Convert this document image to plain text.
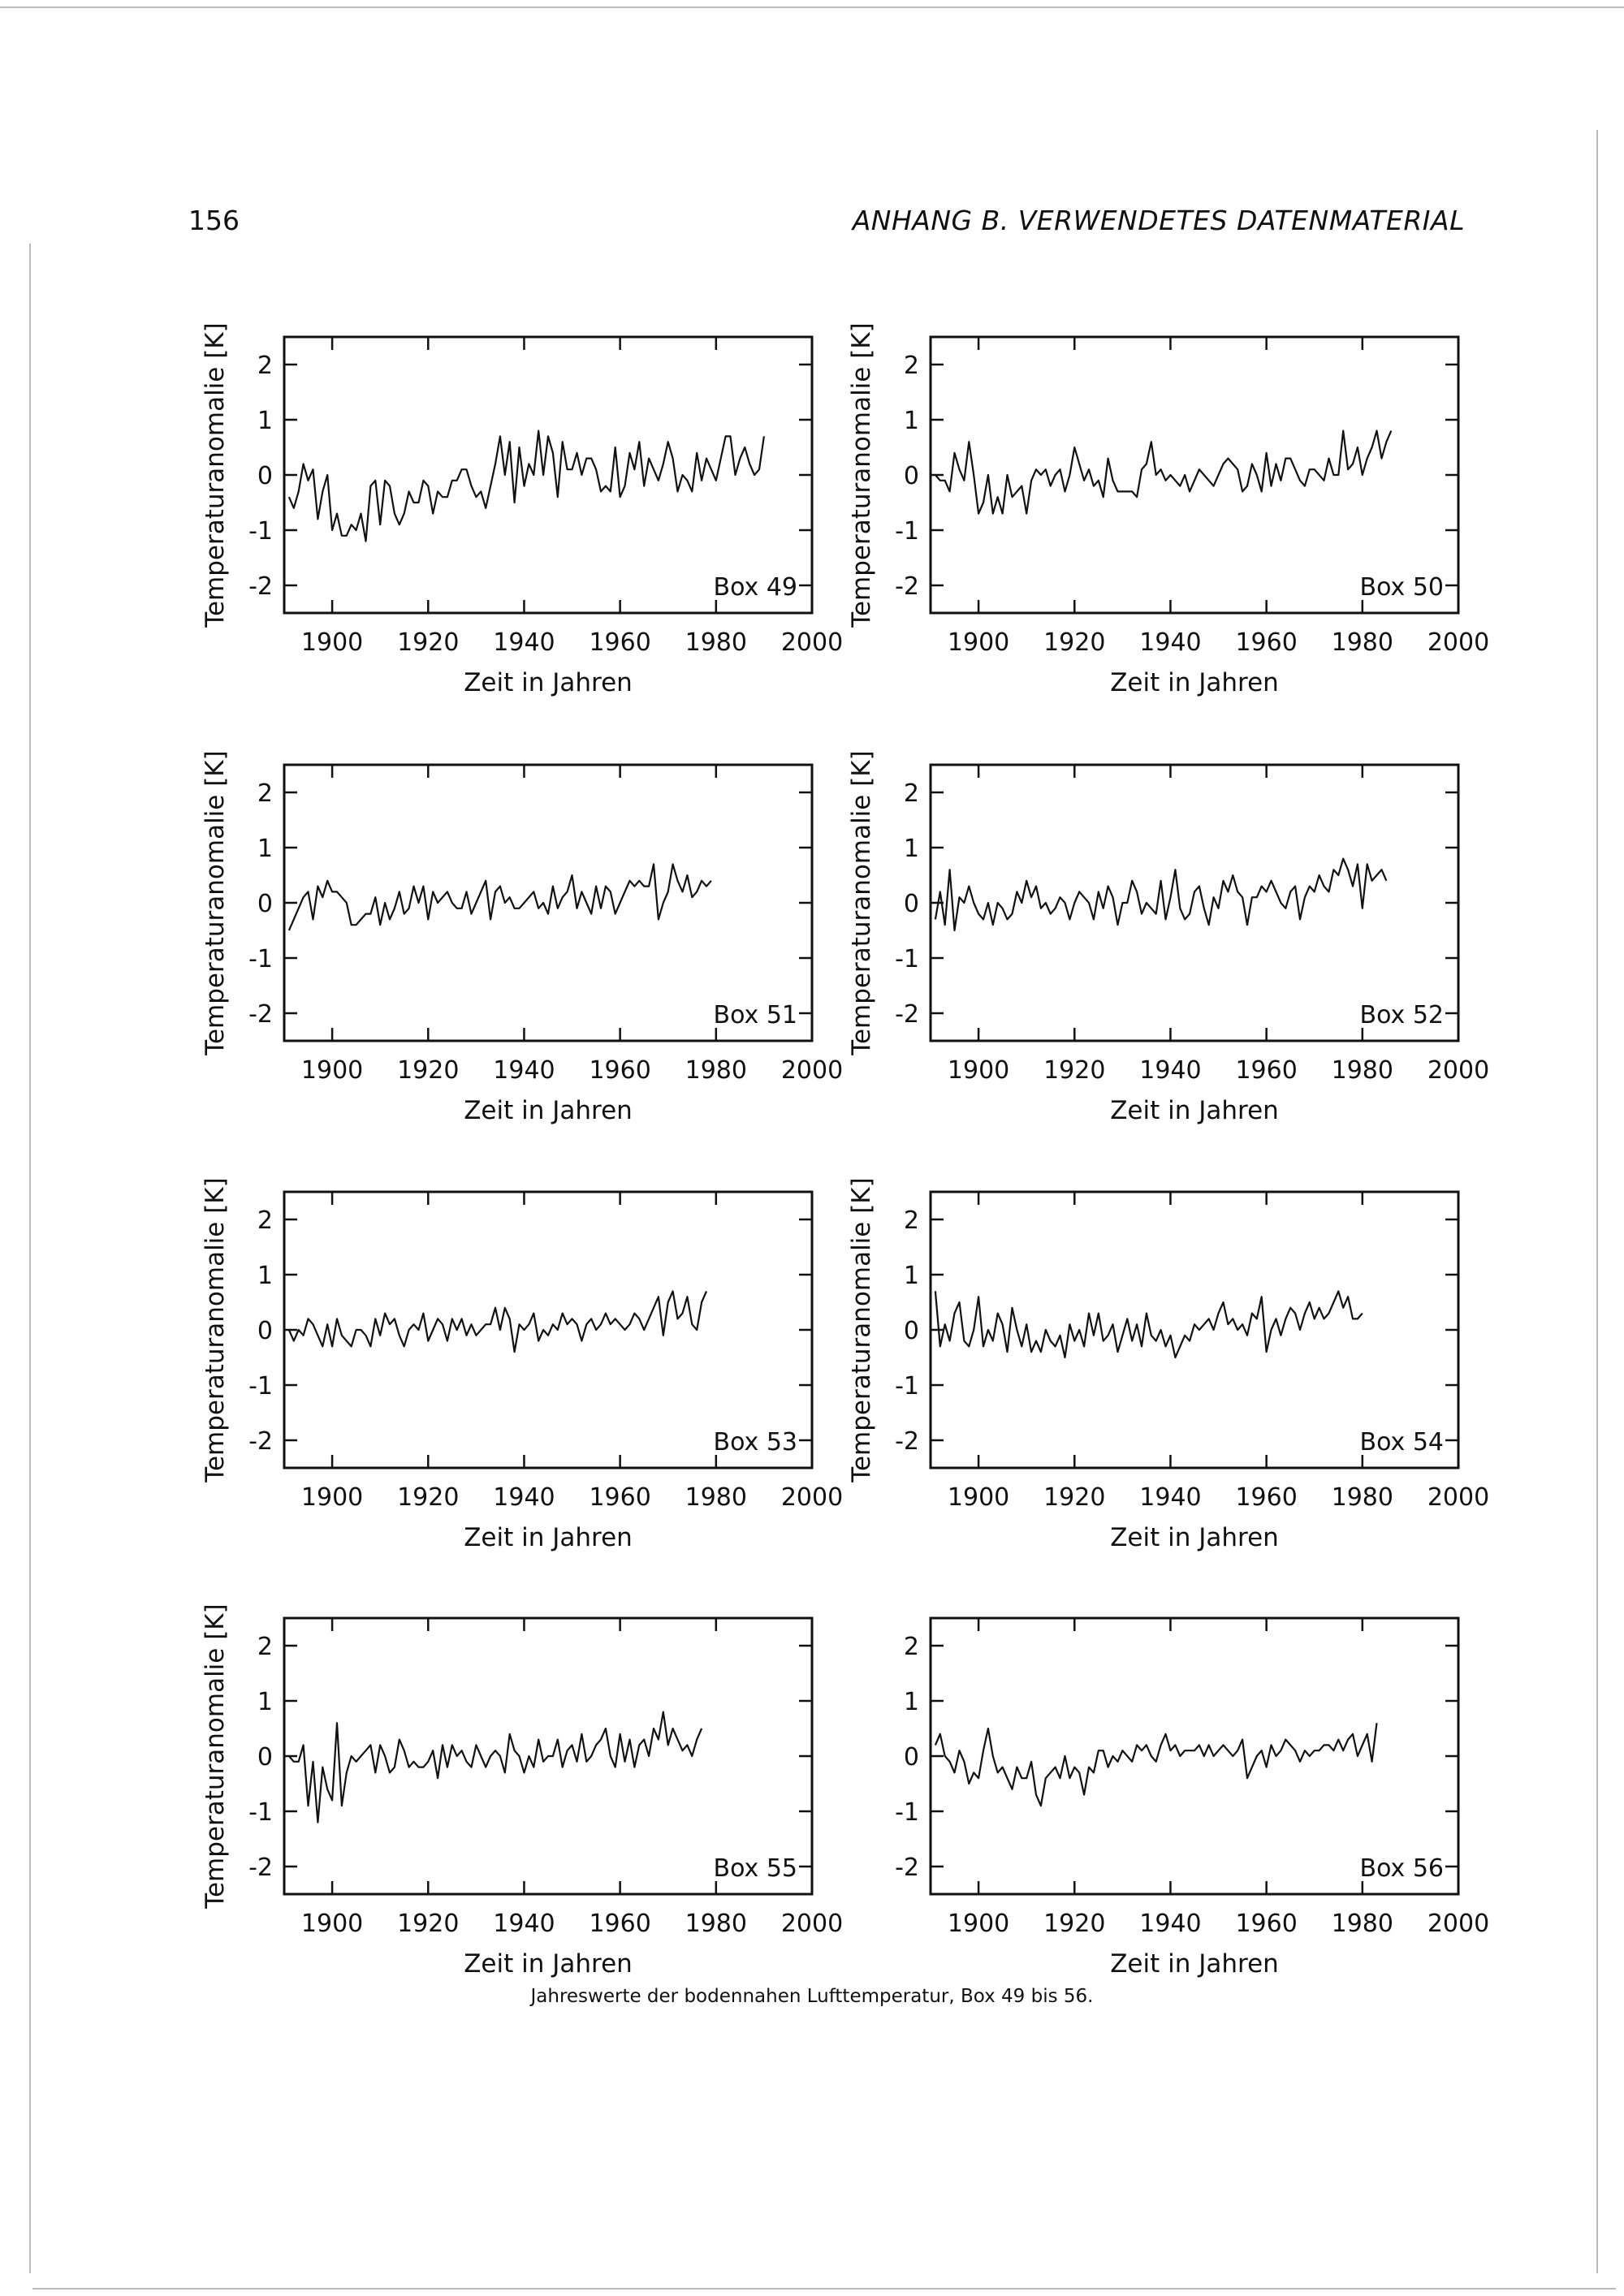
156	ANHANG B. VERWENDETES DATENMATERIAL
2
1
0
-1
-2
1900 1920 1940 1960 1980 2000
Zeit in Jahren
Temperaturanomalie [K]	Box 49
2
1
0
-1
-2
1900 1920 1940 1960 1980 2000
Zeit in Jahren
Temperaturanomalie [K]	Box 50
2
1
0
-1
-2
1900 1920 1940 1960 1980 2000
Zeit in Jahren
Temperaturanomalie [K]	Box 51
2
1
0
-1
-2
1900 1920 1940 1960 1980 2000
Zeit in Jahren
Temperaturanomalie [K]	Box 52
2
1
0
-1
-2
1900 1920 1940 1960 1980 2000
Zeit in Jahren
Temperaturanomalie [K]	Box 53
2
1
0
-1
-2
1900 1920 1940 1960 1980 2000
Zeit in Jahren
Temperaturanomalie [K]	Box 54
2
1
0
-1
-2
1900 1920 1940 1960 1980 2000
Zeit in Jahren
Temperaturanomalie [K]	Box 55
2
1
0
-1
-2
1900 1920 1940 1960 1980 2000
Zeit in Jahren
Box 56
Jahreswerte der bodennahen Lufttemperatur, Box 49 bis 56.
